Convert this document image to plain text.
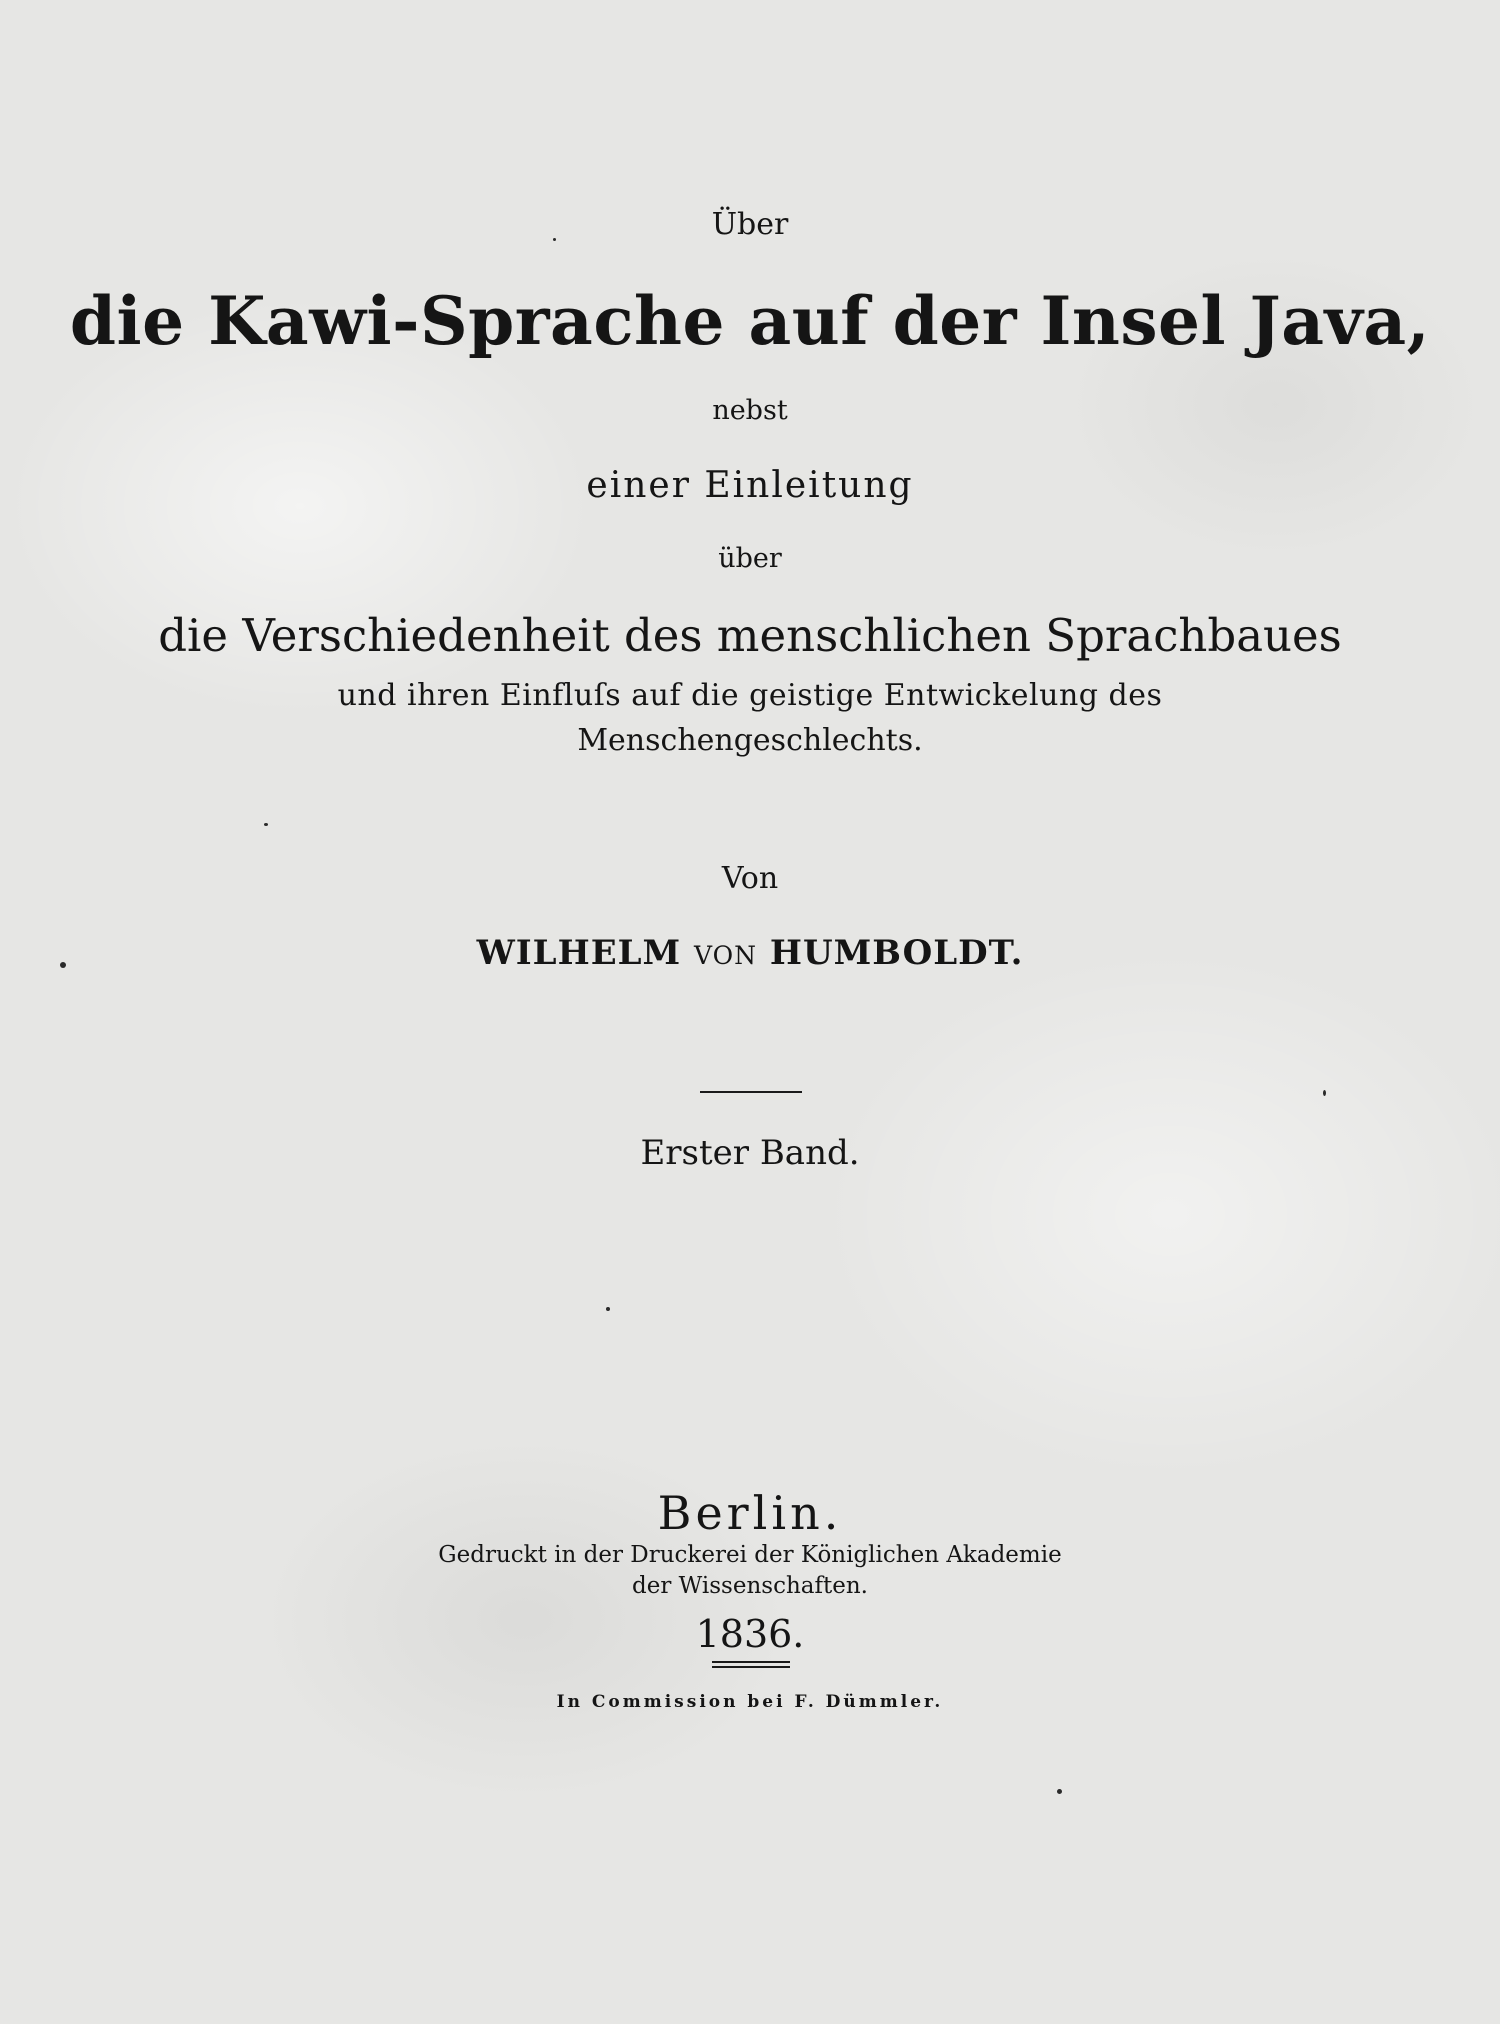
Über
die Kawi-Sprache auf der Insel Java,
nebst
einer Einleitung
über
die Verschiedenheit des menschlichen Sprachbaues
und ihren Einfluſs auf die geistige Entwickelung des
Menschengeschlechts.
Von
WILHELM VON HUMBOLDT.
Erster Band.
Berlin.
Gedruckt in der Druckerei der Königlichen Akademie
der Wissenschaften.
1836.
In Commission bei F. Dümmler.
